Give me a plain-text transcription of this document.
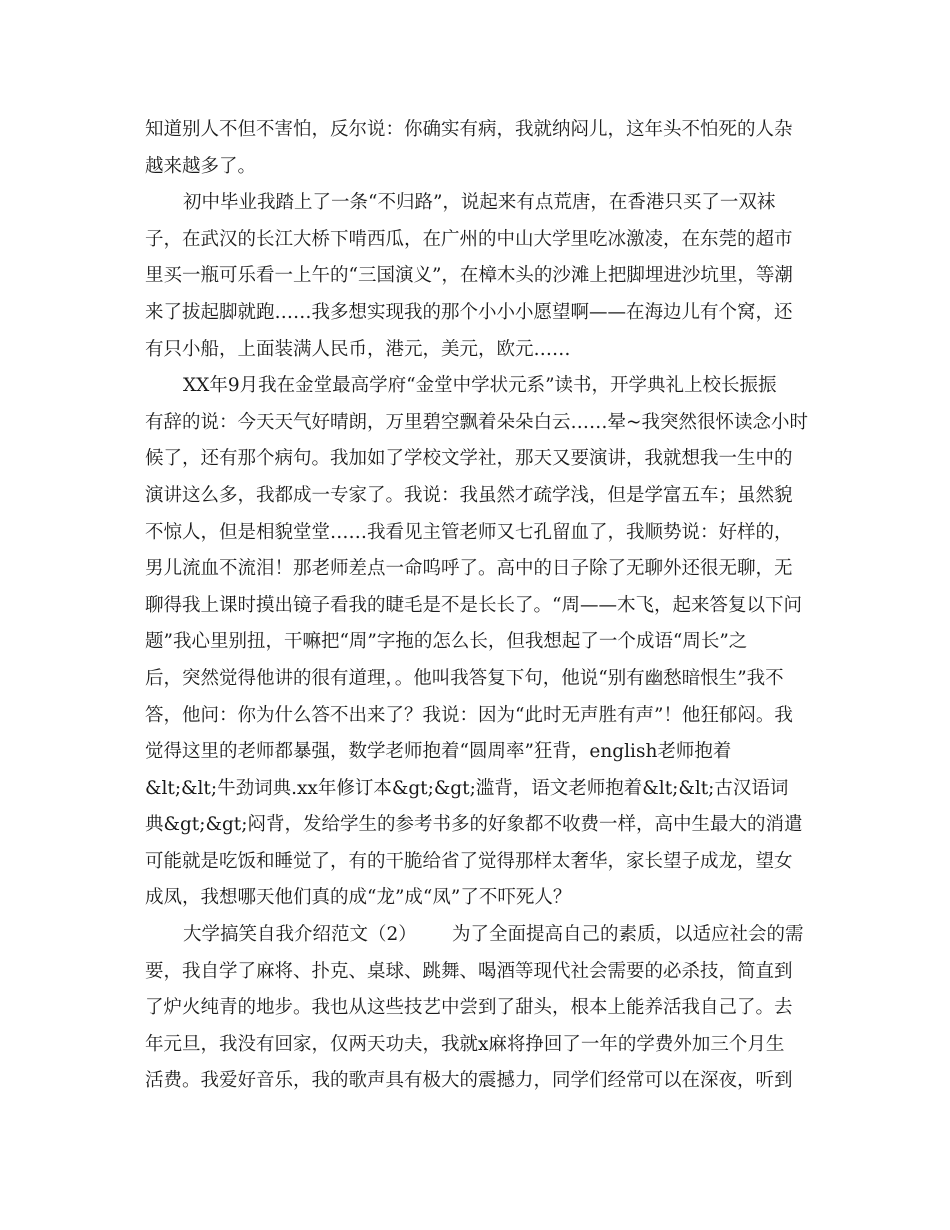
知道别人不但不害怕，反尔说：你确实有病，我就纳闷儿，这年头不怕死的人杂
越来越多了。
初中毕业我踏上了一条“不归路”，说起来有点荒唐，在香港只买了一双袜
子，在武汉的长江大桥下啃西瓜，在广州的中山大学里吃冰激凌，在东莞的超市
里买一瓶可乐看一上午的“三国演义”，在樟木头的沙滩上把脚埋进沙坑里，等潮
来了拔起脚就跑……我多想实现我的那个小小小愿望啊——在海边儿有个窝，还
有只小船，上面装满人民币，港元，美元，欧元……
XX年9月我在金堂最高学府“金堂中学状元系”读书，开学典礼上校长振振
有辞的说：今天天气好晴朗，万里碧空飘着朵朵白云……晕~我突然很怀读念小时
候了，还有那个病句。我加如了学校文学社，那天又要演讲，我就想我一生中的
演讲这么多，我都成一专家了。我说：我虽然才疏学浅，但是学富五车；虽然貌
不惊人，但是相貌堂堂……我看见主管老师又七孔留血了，我顺势说：好样的，
男儿流血不流泪！那老师差点一命呜呼了。高中的日子除了无聊外还很无聊，无
聊得我上课时摸出镜子看我的睫毛是不是长长了。“周——木飞，起来答复以下问
题”我心里别扭，干嘛把“周”字拖的怎么长，但我想起了一个成语“周长”之
后，突然觉得他讲的很有道理，。他叫我答复下句，他说“别有幽愁暗恨生”我不
答，他问：你为什么答不出来了？我说：因为“此时无声胜有声”！他狂郁闷。我
觉得这里的老师都暴强，数学老师抱着“圆周率”狂背，english老师抱着
&lt;&lt;牛劲词典.xx年修订本&gt;&gt;滥背，语文老师抱着&lt;&lt;古汉语词
典&gt;&gt;闷背，发给学生的参考书多的好象都不收费一样，高中生最大的消遣
可能就是吃饭和睡觉了，有的干脆给省了觉得那样太奢华，家长望子成龙，望女
成凤，我想哪天他们真的成“龙”成“凤”了不吓死人？
大学搞笑自我介绍范文（2）      为了全面提高自己的素质，以适应社会的需
要，我自学了麻将、扑克、桌球、跳舞、喝酒等现代社会需要的必杀技，简直到
了炉火纯青的地步。我也从这些技艺中尝到了甜头，根本上能养活我自己了。去
年元旦，我没有回家，仅两天功夫，我就x麻将挣回了一年的学费外加三个月生
活费。我爱好音乐，我的歌声具有极大的震撼力，同学们经常可以在深夜，听到
